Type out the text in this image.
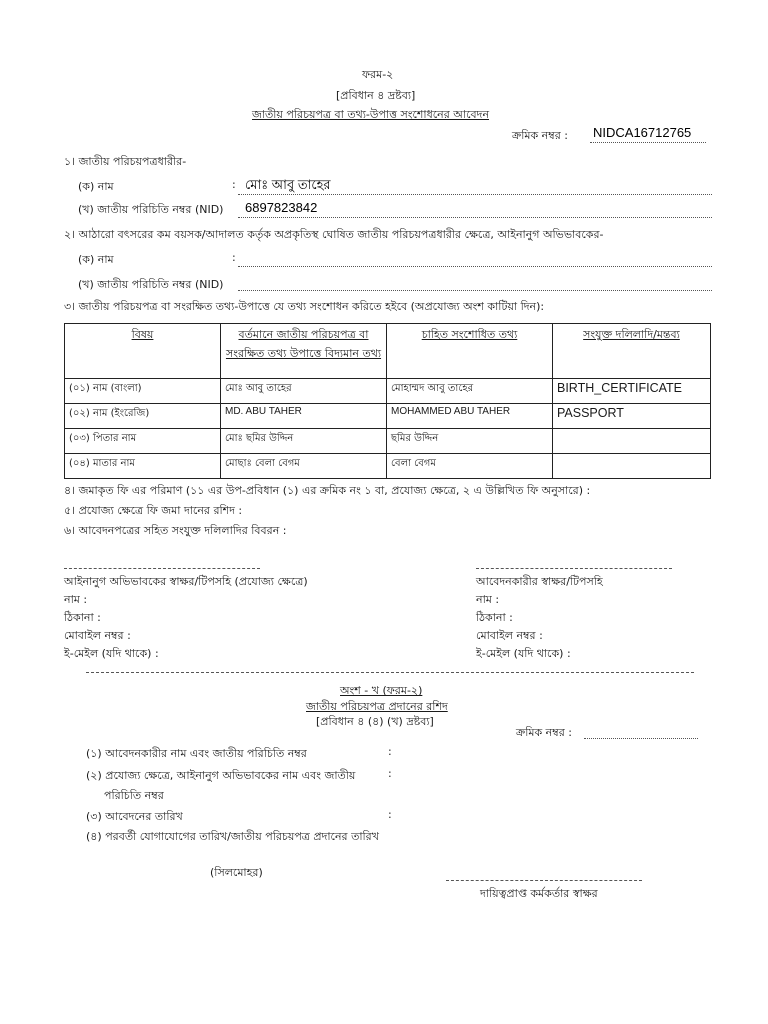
ফরম-২
[প্রবিধান ৪ দ্রষ্টব্য]
জাতীয় পরিচয়পত্র বা তথ্য-উপাত্ত সংশোধনের আবেদন
ক্রমিক নম্বর : NIDCA16712765
১। জাতীয় পরিচয়পত্রধারীর-
(ক) নাম	: মোঃ আবু তাহের
(খ) জাতীয় পরিচিতি নম্বর (NID) 6897823842
২। আঠারো বৎসরের কম বয়সক/আদালত কর্তৃক অপ্রকৃতিস্থ ঘোষিত জাতীয় পরিচয়পত্রধারীর ক্ষেত্রে, আইনানুগ অভিভাবকের-
(ক) নাম	:
(খ) জাতীয় পরিচিতি নম্বর (NID)
৩। জাতীয় পরিচয়পত্র বা সংরক্ষিত তথ্য-উপাত্তে যে তথ্য সংশোধন করিতে হইবে (অপ্রযোজ্য অংশ কাটিয়া দিন):
বিষয়	বর্তমানে জাতীয় পরিচয়পত্র বা সংরক্ষিত তথ্য উপাত্তে বিদ্যমান তথ্য	চাহিত সংশোধিত তথ্য	সংযুক্ত দলিলাদি/মন্তব্য
(০১) নাম (বাংলা)	মোঃ আবু তাহের	মোহাম্মদ আবু তাহের	BIRTH_CERTIFICATE
(০২) নাম (ইংরেজি)	MD. ABU TAHER	MOHAMMED ABU TAHER	PASSPORT
(০৩) পিতার নাম	মোঃ ছমির উদ্দিন	ছমির উদ্দিন	
(০৪) মাতার নাম	মোছাঃ বেলা বেগম	বেলা বেগম	
৪। জমাকৃত ফি এর পরিমাণ (১১ এর উপ-প্রবিধান (১) এর ক্রমিক নং ১ বা, প্রযোজ্য ক্ষেত্রে, ২ এ উল্লিখিত ফি অনুসারে) :
৫। প্রযোজ্য ক্ষেত্রে ফি জমা দানের রশিদ :
৬। আবেদনপত্রের সহিত সংযুক্ত দলিলাদির বিবরন :
আইনানুগ অভিভাবকের স্বাক্ষর/টিপসহি (প্রযোজ্য ক্ষেত্রে)
নাম :
ঠিকানা :
মোবাইল নম্বর :
ই-মেইল (যদি থাকে) :
আবেদনকারীর স্বাক্ষর/টিপসহি
নাম :
ঠিকানা :
মোবাইল নম্বর :
ই-মেইল (যদি থাকে) :
অংশ - খ (ফরম-২)
জাতীয় পরিচয়পত্র প্রদানের রশিদ
[প্রবিধান ৪ (৪) (খ) দ্রষ্টব্য]
ক্রমিক নম্বর :
(১) আবেদনকারীর নাম এবং জাতীয় পরিচিতি নম্বর	:
(২) প্রযোজ্য ক্ষেত্রে, আইনানুগ অভিভাবকের নাম এবং জাতীয়	:
পরিচিতি নম্বর
(৩) আবেদনের তারিখ	:
(৪) পরবর্তী যোগাযোগের তারিখ/জাতীয় পরিচয়পত্র প্রদানের তারিখ
(সিলমোহর)
দায়িত্বপ্রাপ্ত কর্মকর্তার স্বাক্ষর
